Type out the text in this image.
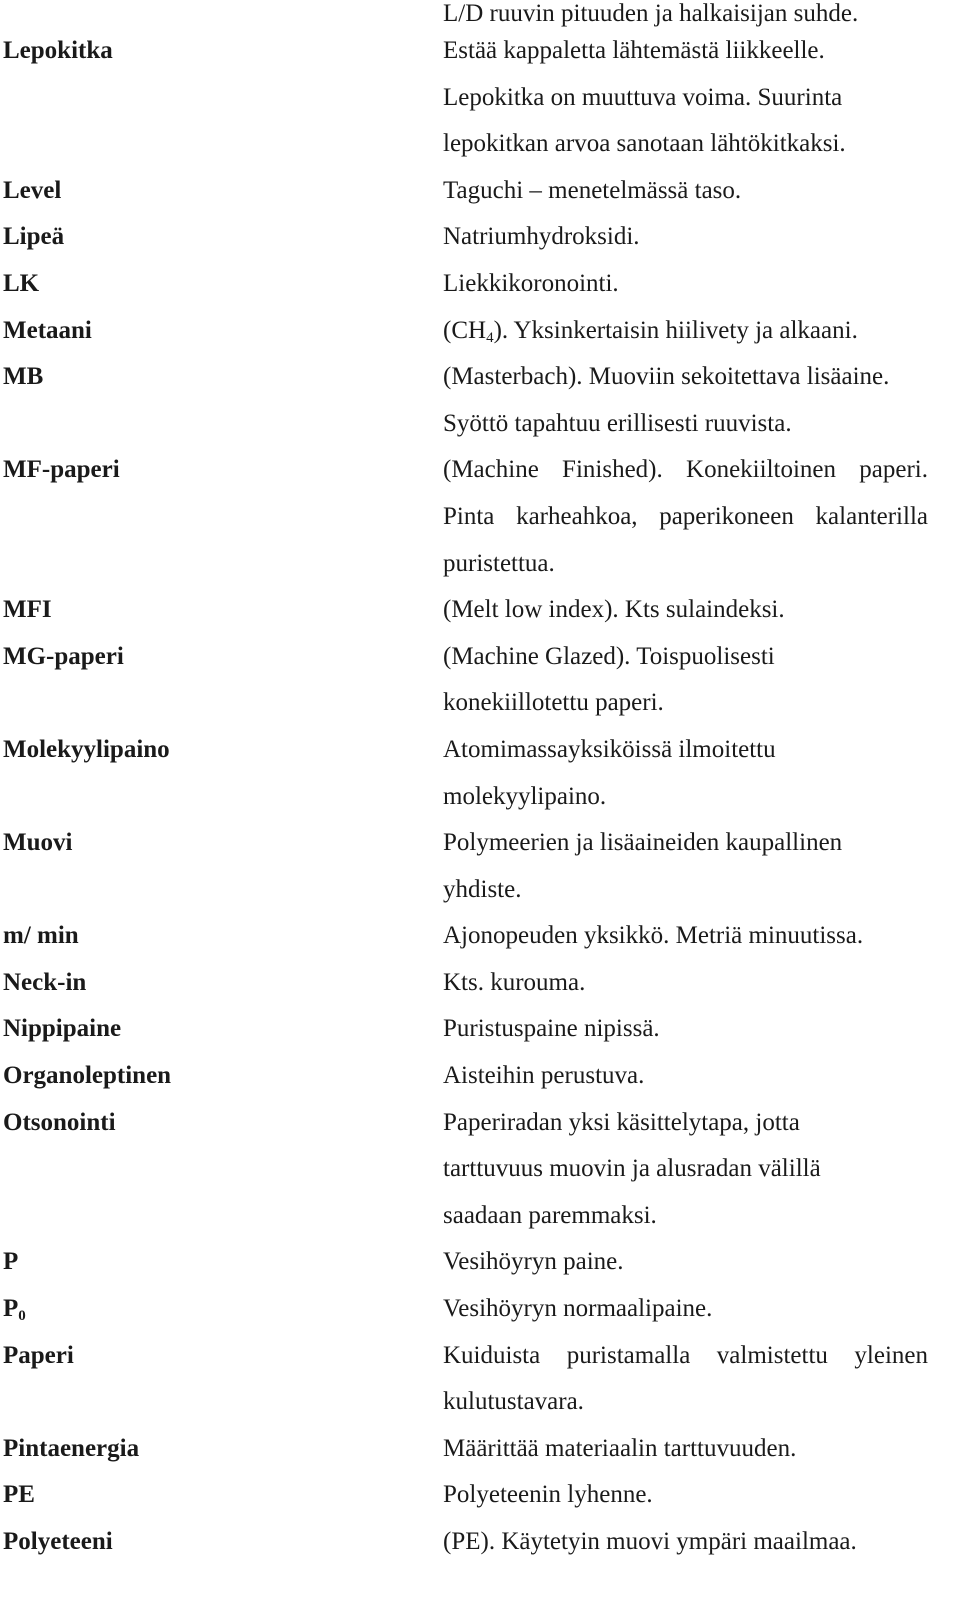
L/D ruuvin pituuden ja halkaisijan suhde.
Lepokitka	Estää kappaletta lähtemästä liikkeelle.
Lepokitka on muuttuva voima. Suurinta
lepokitkan arvoa sanotaan lähtökitkaksi.
Level	Taguchi – menetelmässä taso.
Lipeä	Natriumhydroksidi.
LK	Liekkikoronointi.
Metaani	$(CH_4)$. Yksinkertaisin hiilivety ja alkaani.
MB	(Masterbach). Muoviin sekoitettava lisäaine.
Syöttö tapahtuu erillisesti ruuvista.
MF-paperi	(Machine Finished). Konekiiltoinen paperi.
Pinta karheahkoa, paperikoneen kalanterilla
puristettua.
MFI	(Melt low index). Kts sulaindeksi.
MG-paperi	(Machine Glazed). Toispuolisesti
konekiillotettu paperi.
Molekyylipaino	Atomimassayksiköissä ilmoitettu
molekyylipaino.
Muovi	Polymeerien ja lisäaineiden kaupallinen
yhdiste.
m/ min	Ajonopeuden yksikkö. Metriä minuutissa.
Neck-in	Kts. kurouma.
Nippipaine	Puristuspaine nipissä.
Organoleptinen	Aisteihin perustuva.
Otsonointi	Paperiradan yksi käsittelytapa, jotta
tarttuvuus muovin ja alusradan välillä
saadaan paremmaksi.
P	Vesihöyryn paine.
$P_0$	Vesihöyryn normaalipaine.
Paperi	Kuiduista puristamalla valmistettu yleinen
kulutustavara.
Pintaenergia	Määrittää materiaalin tarttuvuuden.
PE	Polyeteenin lyhenne.
Polyeteeni	(PE). Käytetyin muovi ympäri maailmaa.
